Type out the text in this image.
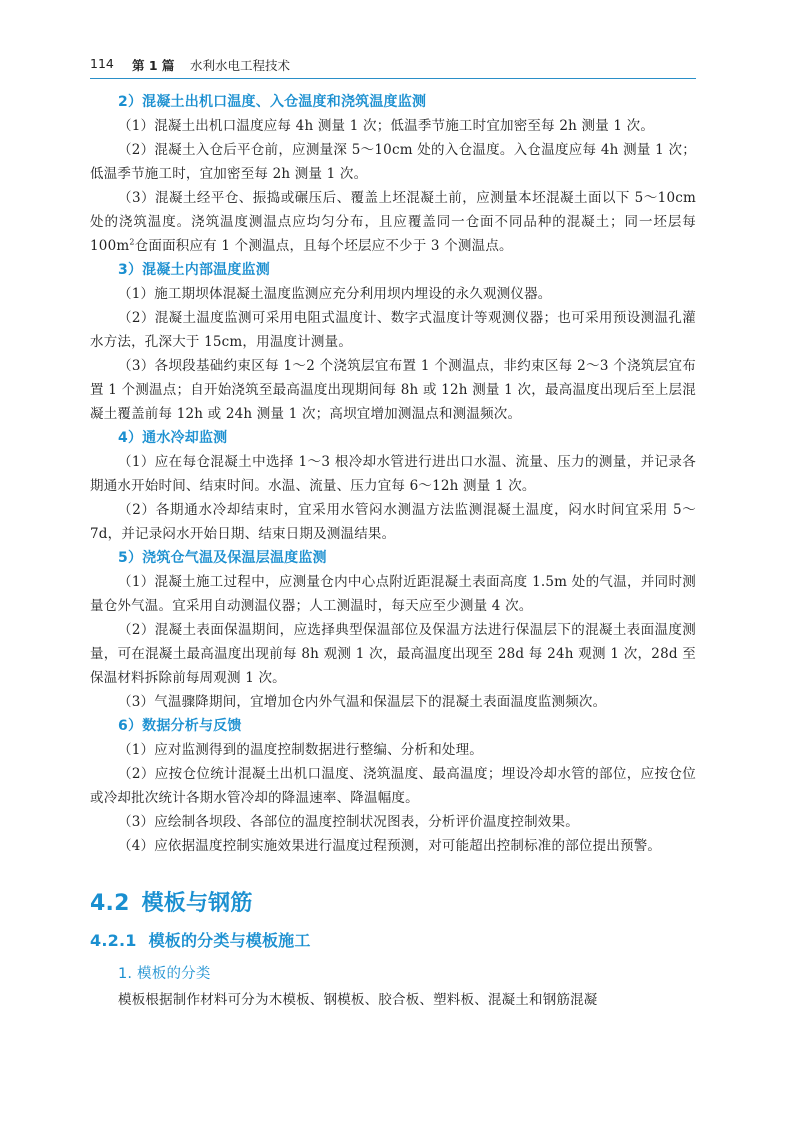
114 第 1 篇 水利水电工程技术
2）混凝土出机口温度、入仓温度和浇筑温度监测

（1）混凝土出机口温度应每 4h 测量 1 次；低温季节施工时宜加密至每 2h 测量 1 次。

（2）混凝土入仓后平仓前，应测量深 5～10cm 处的入仓温度。入仓温度应每 4h 测量 1 次；低温季节施工时，宜加密至每 2h 测量 1 次。

（3）混凝土经平仓、振捣或碾压后、覆盖上坯混凝土前，应测量本坯混凝土面以下 5～10cm 处的浇筑温度。浇筑温度测温点应均匀分布，且应覆盖同一仓面不同品种的混凝土；同一坯层每 $100m^2$仓面面积应有 1 个测温点，且每个坯层应不少于 3 个测温点。

3）混凝土内部温度监测

（1）施工期坝体混凝土温度监测应充分利用坝内埋设的永久观测仪器。

（2）混凝土温度监测可采用电阻式温度计、数字式温度计等观测仪器；也可采用预设测温孔灌水方法，孔深大于 15cm，用温度计测量。

（3）各坝段基础约束区每 1～2 个浇筑层宜布置 1 个测温点，非约束区每 2～3 个浇筑层宜布置 1 个测温点；自开始浇筑至最高温度出现期间每 8h 或 12h 测量 1 次，最高温度出现后至上层混凝土覆盖前每 12h 或 24h 测量 1 次；高坝宜增加测温点和测温频次。

4）通水冷却监测

（1）应在每仓混凝土中选择 1～3 根冷却水管进行进出口水温、流量、压力的测量，并记录各期通水开始时间、结束时间。水温、流量、压力宜每 6～12h 测量 1 次。

（2）各期通水冷却结束时，宜采用水管闷水测温方法监测混凝土温度，闷水时间宜采用 5～7d，并记录闷水开始日期、结束日期及测温结果。

5）浇筑仓气温及保温层温度监测

（1）混凝土施工过程中，应测量仓内中心点附近距混凝土表面高度 1.5m 处的气温，并同时测量仓外气温。宜采用自动测温仪器；人工测温时，每天应至少测量 4 次。

（2）混凝土表面保温期间，应选择典型保温部位及保温方法进行保温层下的混凝土表面温度测量，可在混凝土最高温度出现前每 8h 观测 1 次，最高温度出现至 28d 每 24h 观测 1 次，28d 至保温材料拆除前每周观测 1 次。

（3）气温骤降期间，宜增加仓内外气温和保温层下的混凝土表面温度监测频次。

6）数据分析与反馈

（1）应对监测得到的温度控制数据进行整编、分析和处理。

（2）应按仓位统计混凝土出机口温度、浇筑温度、最高温度；埋设冷却水管的部位，应按仓位或冷却批次统计各期水管冷却的降温速率、降温幅度。

（3）应绘制各坝段、各部位的温度控制状况图表，分析评价温度控制效果。

（4）应依据温度控制实施效果进行温度过程预测，对可能超出控制标准的部位提出预警。

4.2 模板与钢筋
4.2.1 模板的分类与模板施工
1. 模板的分类

模板根据制作材料可分为木模板、钢模板、胶合板、塑料板、混凝土和钢筋混凝
